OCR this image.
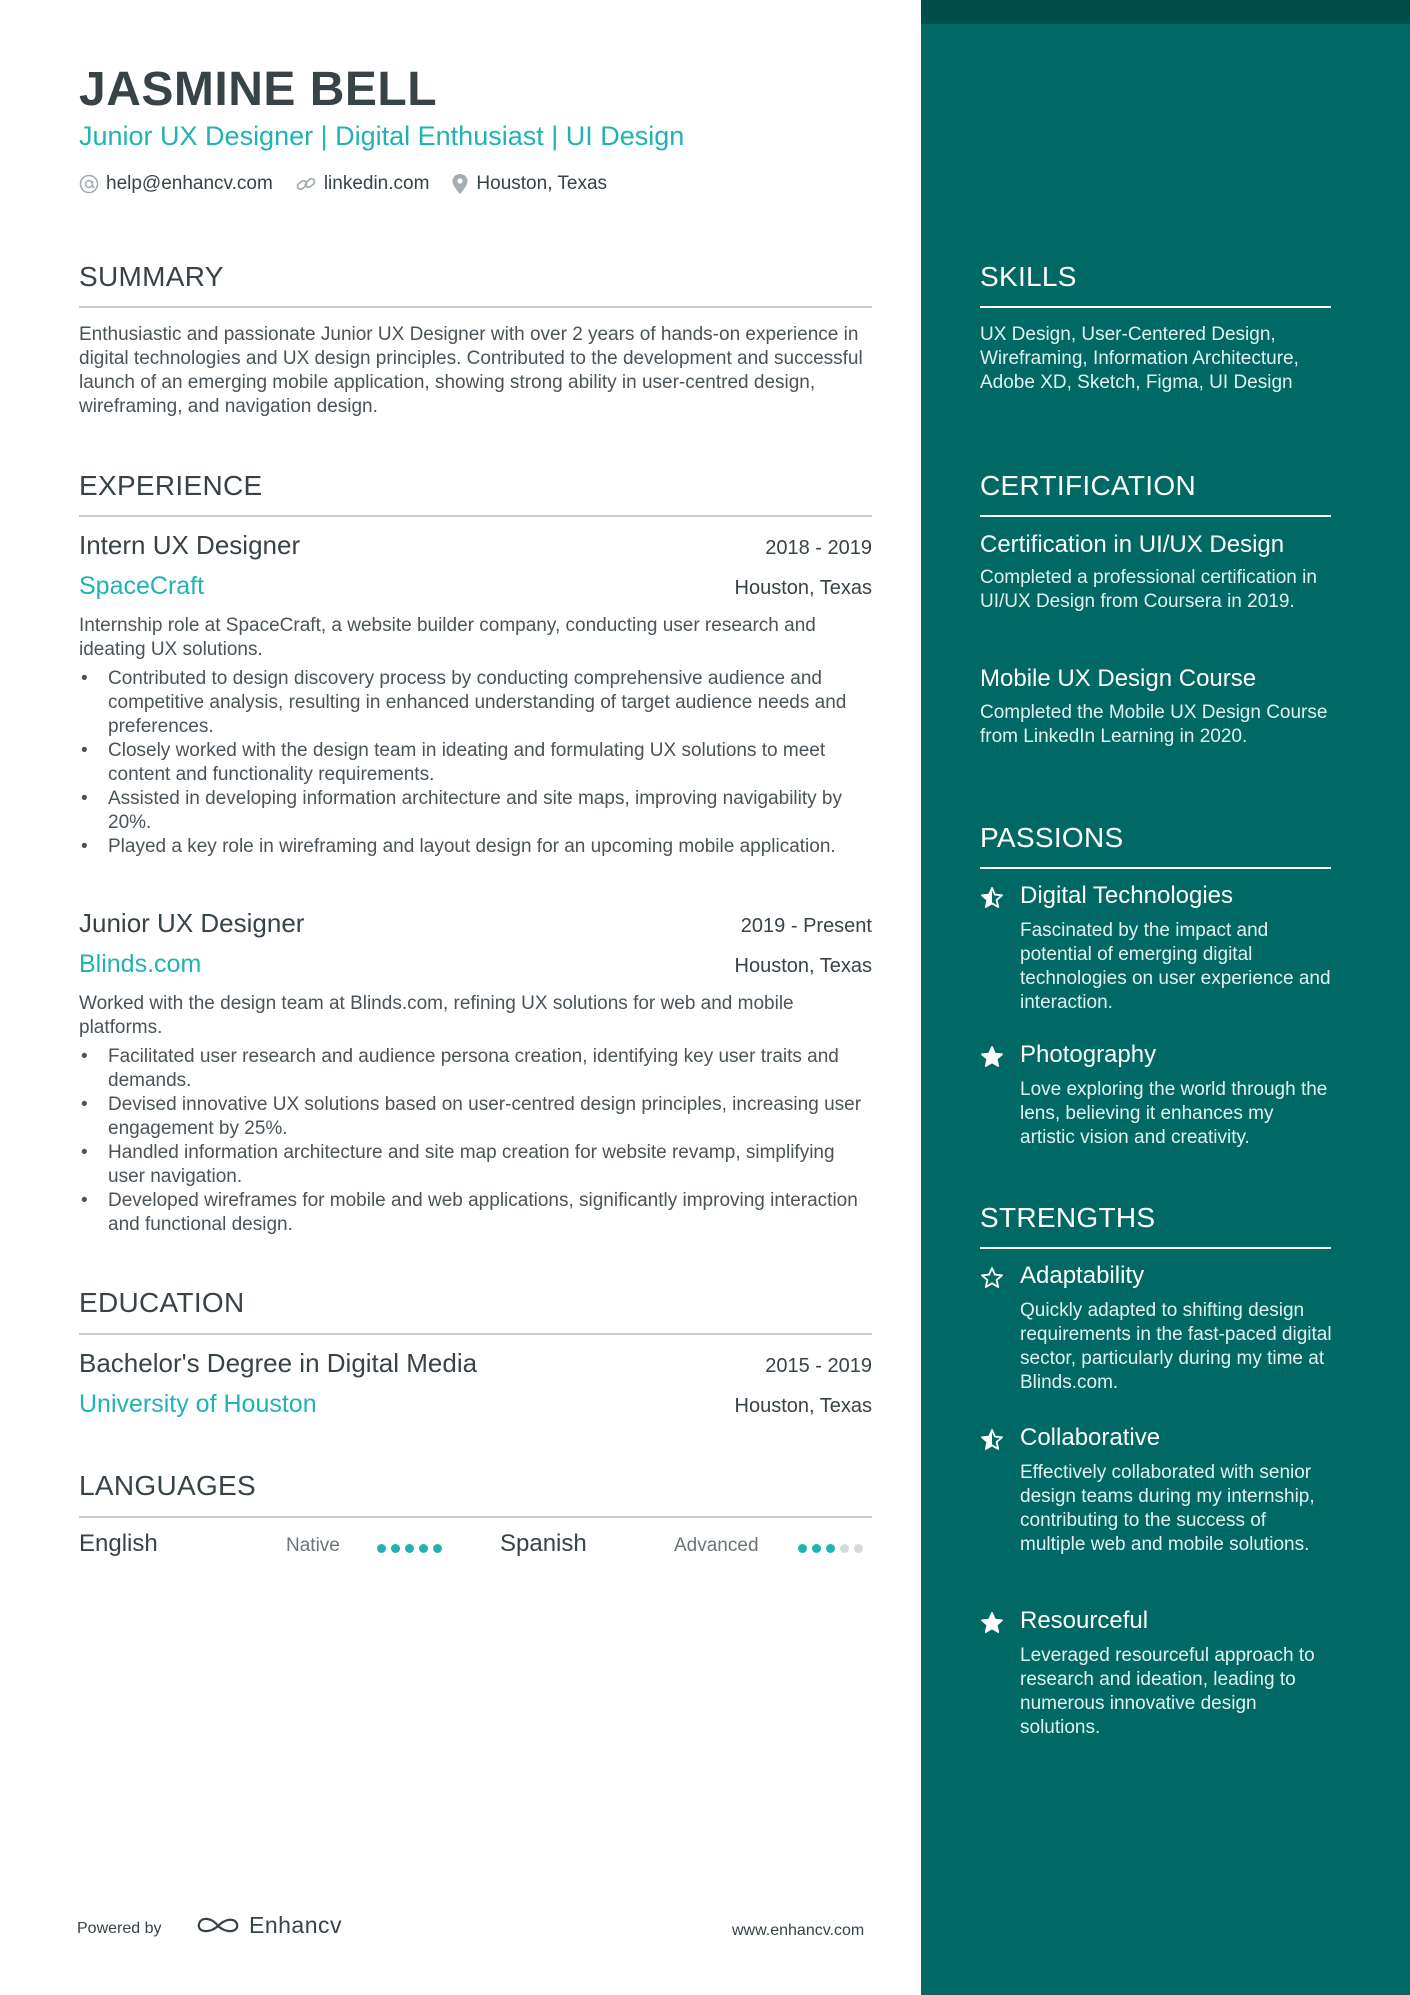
JASMINE BELL
Junior UX Designer | Digital Enthusiast | UI Design
help@enhancv.com	linkedin.com Houston, Texas
SUMMARY
Enthusiastic and passionate Junior UX Designer with over 2 years of hands-on experience in digital technologies and UX design principles. Contributed to the development and successful launch of an emerging mobile application, showing strong ability in user-centred design, wireframing, and navigation design.
EXPERIENCE
Intern UX Designer	2018 - 2019
SpaceCraft	Houston, Texas
Internship role at SpaceCraft, a website builder company, conducting user research and ideating UX solutions.
• Contributed to design discovery process by conducting comprehensive audience and competitive analysis, resulting in enhanced understanding of target audience needs and preferences.
• Closely worked with the design team in ideating and formulating UX solutions to meet content and functionality requirements.
• Assisted in developing information architecture and site maps, improving navigability by 20%.
• Played a key role in wireframing and layout design for an upcoming mobile application.
Junior UX Designer	2019 - Present
Blinds.com	Houston, Texas
Worked with the design team at Blinds.com, refining UX solutions for web and mobile platforms.
• Facilitated user research and audience persona creation, identifying key user traits and demands.
• Devised innovative UX solutions based on user-centred design principles, increasing user engagement by 25%.
• Handled information architecture and site map creation for website revamp, simplifying user navigation.
• Developed wireframes for mobile and web applications, significantly improving interaction and functional design.
EDUCATION
Bachelor's Degree in Digital Media	2015 - 2019
University of Houston	Houston, Texas
LANGUAGES
English	Native	Spanish	Advanced
Powered by	Enhancv	www.enhancv.com
SKILLS
UX Design, User-Centered Design, Wireframing, Information Architecture, Adobe XD, Sketch, Figma, UI Design
CERTIFICATION
Certification in UI/UX Design
Completed a professional certification in UI/UX Design from Coursera in 2019.
Mobile UX Design Course
Completed the Mobile UX Design Course from LinkedIn Learning in 2020.
PASSIONS
Digital Technologies
Fascinated by the impact and potential of emerging digital technologies on user experience and interaction.
Photography
Love exploring the world through the lens, believing it enhances my artistic vision and creativity.
STRENGTHS
Adaptability
Quickly adapted to shifting design requirements in the fast-paced digital sector, particularly during my time at Blinds.com.
Collaborative
Effectively collaborated with senior design teams during my internship, contributing to the success of multiple web and mobile solutions.
Resourceful
Leveraged resourceful approach to research and ideation, leading to numerous innovative design solutions.
